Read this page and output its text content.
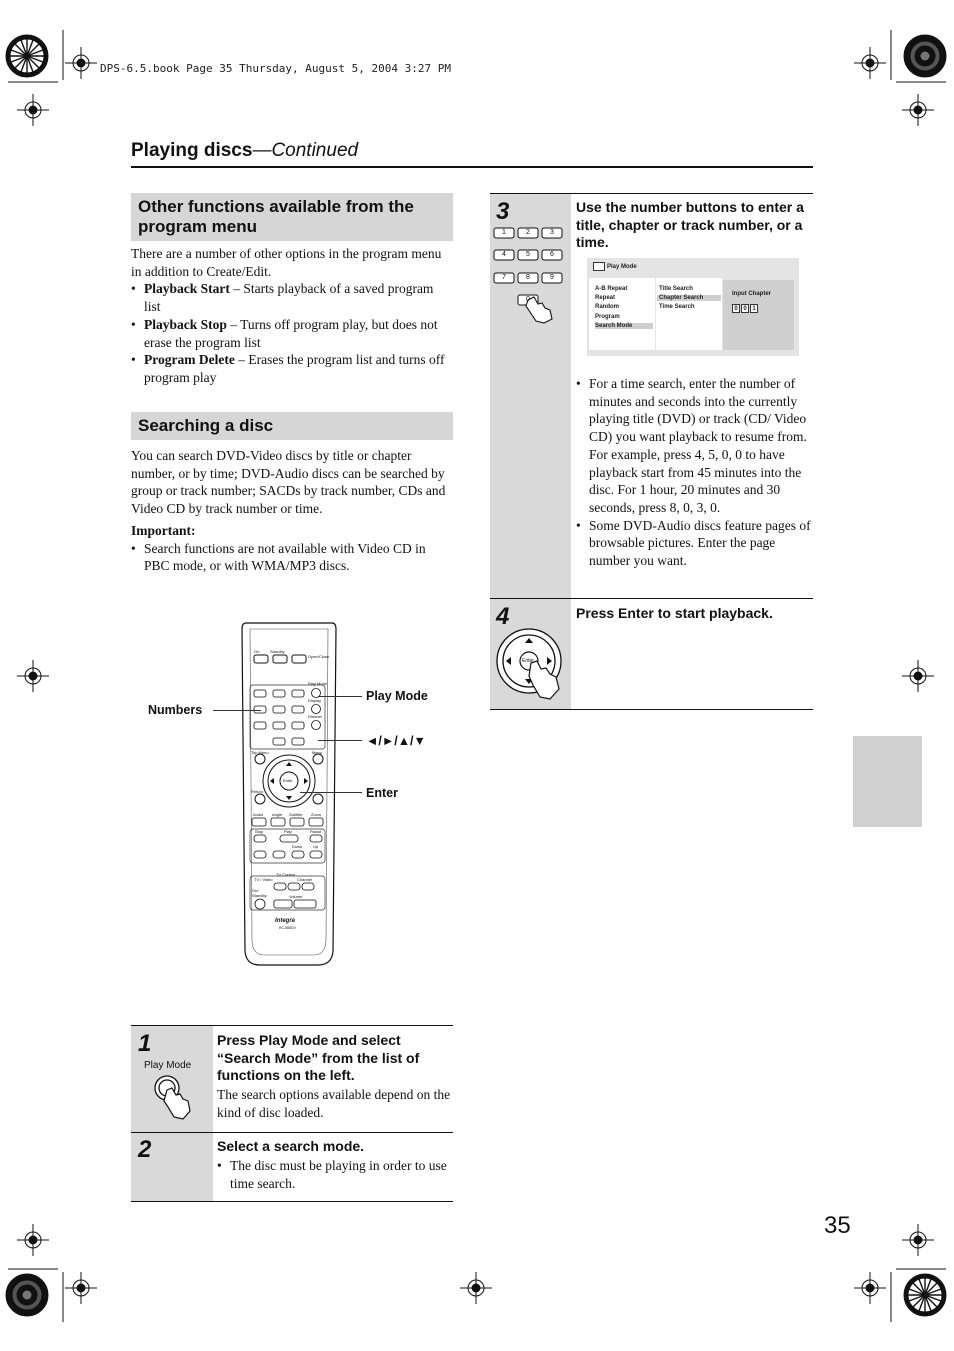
DPS-6.5.book Page 35 Thursday, August 5, 2004 3:27 PM
Playing discs—Continued
Other functions available from the program menu

There are a number of other options in the program menu in addition to Create/Edit.

• Playback Start – Starts playback of a saved program list
• Playback Stop – Turns off program play, but does not erase the program list
• Program Delete – Erases the program list and turns off program play
Searching a disc

You can search DVD-Video discs by title or chapter number, or by time; DVD-Audio discs can be searched by group or track number; SACDs by track number, CDs and Video CD by track number or time.

Important:

• Search functions are not available with Video CD in PBC mode, or with WMA/MP3 discs.
On	Standby
Open/Close
Play Mode
Display
Dimmer
Top Menu	Menu
Enter
Return
Audio Angle Subtitle Zoom
Stop	Play	Pause
Down	Up
TV Control
TV / Video	Channel
On/ Standby	Volume
Integra
RC-585DV
Numbers
Play Mode
◄/►/▲/▼
Enter
1
Play Mode
Press Play Mode and select “Search Mode” from the list of functions on the left.
The search options available depend on the kind of disc loaded.
2	Select a search mode.
• The disc must be playing in order to use time search.
3
1	2	3
4	5	6
7	8	9
0
Use the number buttons to enter a title, chapter or track number, or a time.
Play Mode
A-B Repeat
Repeat
Random
Program
Search Mode
Title Search
Chapter Search
Time Search
Input Chapter
0 0 1
• For a time search, enter the number of minutes and seconds into the currently playing title (DVD) or track (CD/ Video CD) you want playback to resume from. For example, press 4, 5, 0, 0 to have playback start from 45 minutes into the disc. For 1 hour, 20 minutes and 30 seconds, press 8, 0, 3, 0.
• Some DVD-Audio discs feature pages of browsable pictures. Enter the page number you want.
4
Enter
Press Enter to start playback.
35
